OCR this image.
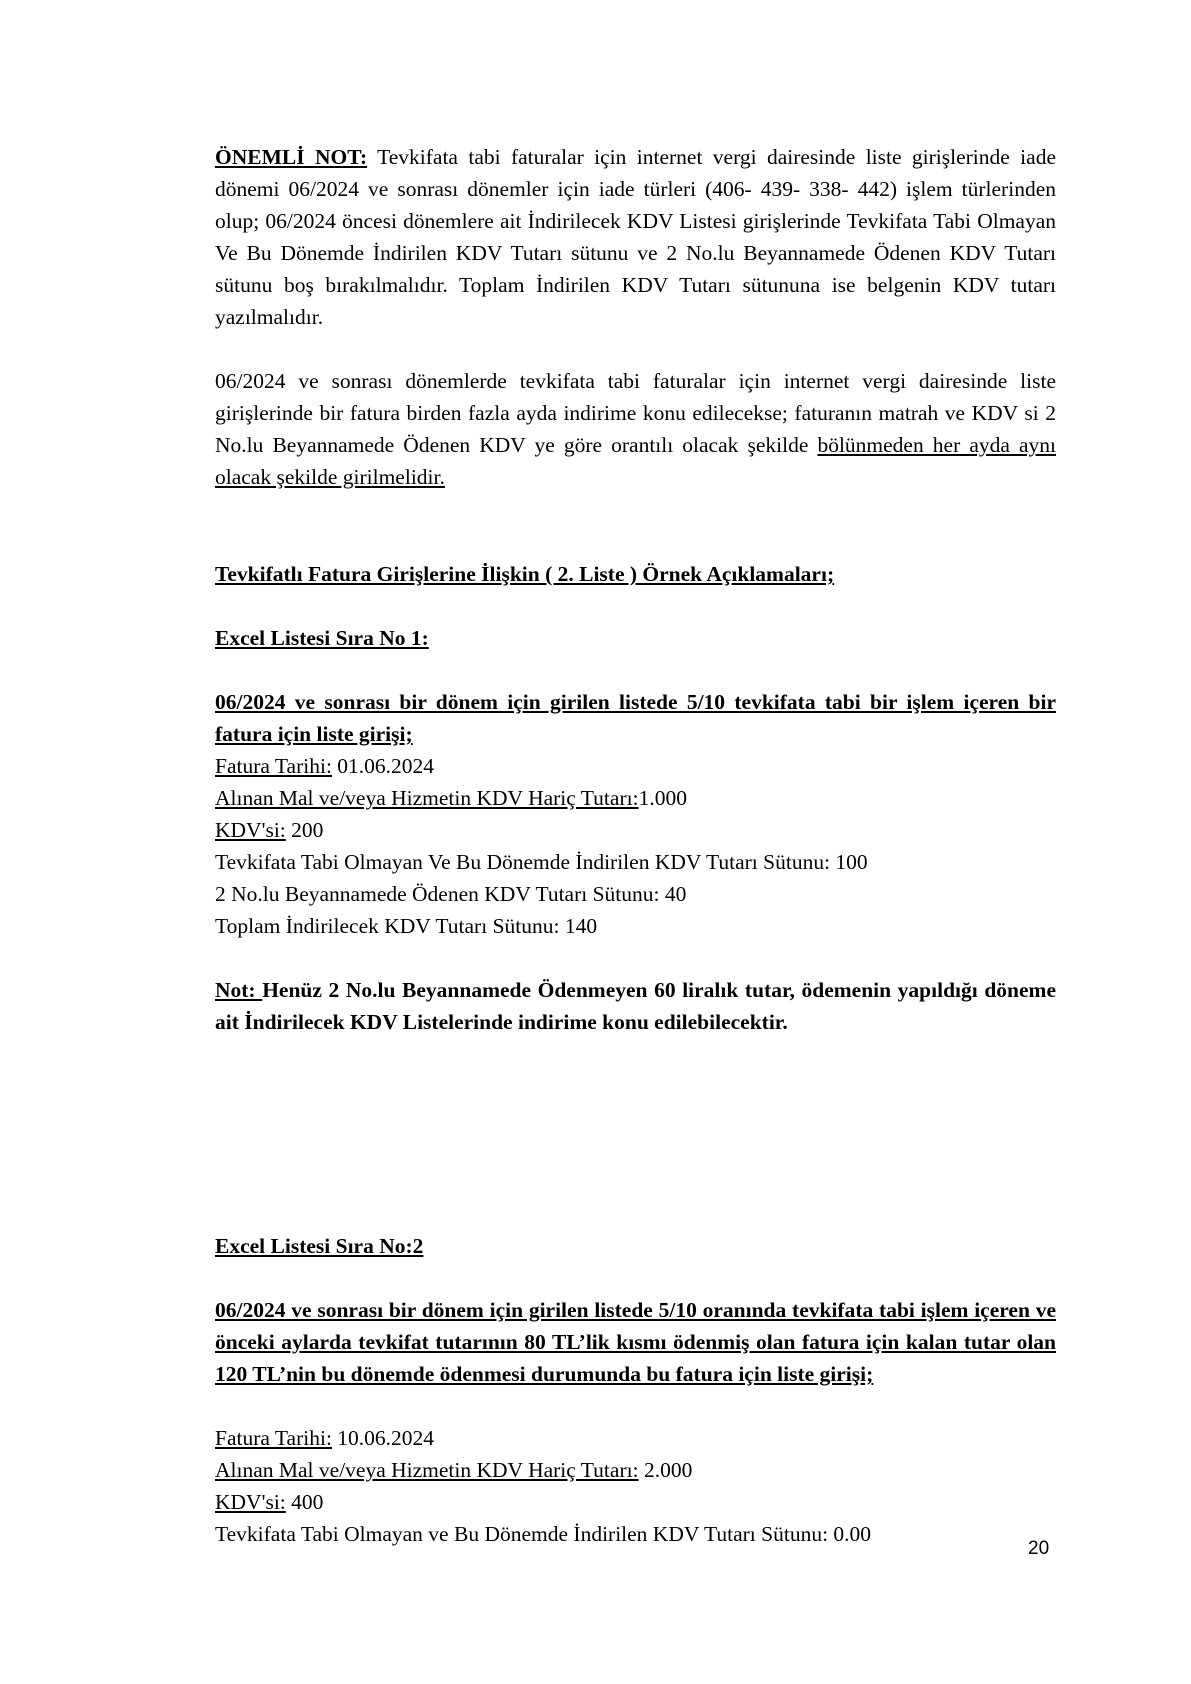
ÖNEMLİ NOT: Tevkifata tabi faturalar için internet vergi dairesinde liste girişlerinde iade dönemi 06/2024 ve sonrası dönemler için iade türleri (406- 439- 338- 442) işlem türlerinden olup; 06/2024 öncesi dönemlere ait İndirilecek KDV Listesi girişlerinde Tevkifata Tabi Olmayan Ve Bu Dönemde İndirilen KDV Tutarı sütunu ve 2 No.lu Beyannamede Ödenen KDV Tutarı sütunu boş bırakılmalıdır. Toplam İndirilen KDV Tutarı sütununa ise belgenin KDV tutarı yazılmalıdır.
06/2024 ve sonrası dönemlerde tevkifata tabi faturalar için internet vergi dairesinde liste girişlerinde bir fatura birden fazla ayda indirime konu edilecekse; faturanın matrah ve KDV si 2 No.lu Beyannamede Ödenen KDV ye göre orantılı olacak şekilde bölünmeden her ayda aynı olacak şekilde girilmelidir.
Tevkifatlı Fatura Girişlerine İlişkin ( 2. Liste ) Örnek Açıklamaları;
Excel Listesi Sıra No 1:
06/2024 ve sonrası bir dönem için girilen listede 5/10 tevkifata tabi bir işlem içeren bir fatura için liste girişi;
Fatura Tarihi: 01.06.2024
Alınan Mal ve/veya Hizmetin KDV Hariç Tutarı:1.000
KDV'si: 200
Tevkifata Tabi Olmayan Ve Bu Dönemde İndirilen KDV Tutarı Sütunu: 100
2 No.lu Beyannamede Ödenen KDV Tutarı Sütunu: 40
Toplam İndirilecek KDV Tutarı Sütunu: 140
Not: Henüz 2 No.lu Beyannamede Ödenmeyen 60 liralık tutar, ödemenin yapıldığı döneme ait İndirilecek KDV Listelerinde indirime konu edilebilecektir.
Excel Listesi Sıra No:2
06/2024 ve sonrası bir dönem için girilen listede 5/10 oranında tevkifata tabi işlem içeren ve önceki aylarda tevkifat tutarının 80 TL’lik kısmı ödenmiş olan fatura için kalan tutar olan 120 TL’nin bu dönemde ödenmesi durumunda bu fatura için liste girişi;
Fatura Tarihi: 10.06.2024
Alınan Mal ve/veya Hizmetin KDV Hariç Tutarı: 2.000
KDV'si: 400
Tevkifata Tabi Olmayan ve Bu Dönemde İndirilen KDV Tutarı Sütunu: 0.00
20
